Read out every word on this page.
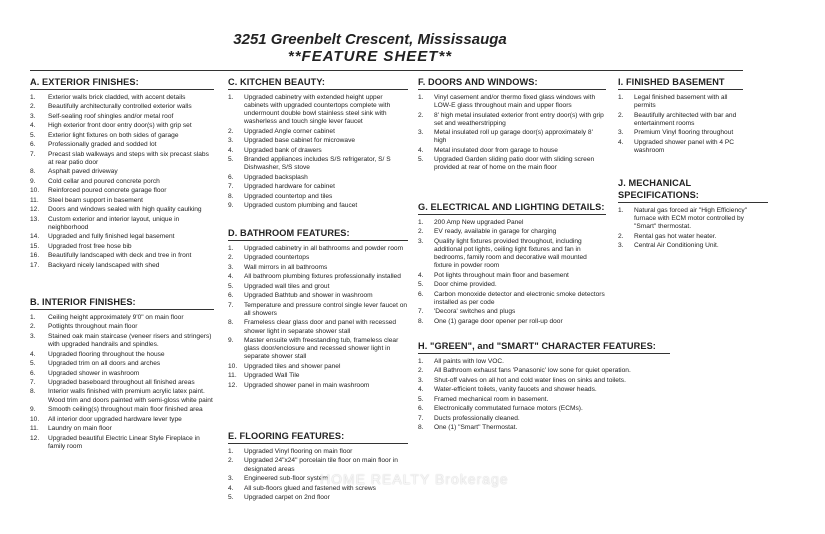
3251 Greenbelt Crescent, Mississauga
**FEATURE SHEET**
A. EXTERIOR FINISHES:
1.	Exterior walls brick cladded, with accent details
2.	Beautifully architecturally controlled exterior walls
3.	Self-sealing roof shingles and/or metal roof
4.	High exterior front door entry door(s) with grip set
5.	Exterior light fixtures on both sides of garage
6.	Professionally graded and sodded lot
7.	Precast slab walkways and steps with six precast slabs at rear patio door
8.	Asphalt paved driveway
9.	Cold cellar and poured concrete porch
10.	Reinforced poured concrete garage floor
11.	Steel beam support in basement
12.	Doors and windows sealed with high quality caulking
13.	Custom exterior and interior layout, unique in neighborhood
14.	Upgraded and fully finished legal basement
15.	Upgraded frost free hose bib
16.	Beautifully landscaped with deck and tree in front
17.	Backyard nicely landscaped with shed
B. INTERIOR FINISHES:
1.	Ceiling height approximately 9'0" on main floor
2.	Potlights throughout main floor
3.	Stained oak main staircase (veneer risers and stringers) with upgraded handrails and spindles.
4.	Upgraded flooring throughout the house
5.	Upgraded trim on all doors and arches
6.	Upgraded shower in washroom
7.	Upgraded baseboard throughout all finished areas
8.	Interior walls finished with premium acrylic latex paint. Wood trim and doors painted with semi-gloss white paint
9.	Smooth ceiling(s) throughout main floor finished area
10.	All interior door upgraded hardware lever type
11.	Laundry on main floor
12.	Upgraded beautiful Electric Linear Style Fireplace in family room
C. KITCHEN BEAUTY:
1.	Upgraded cabinetry with extended height upper cabinets with upgraded countertops complete with undermount double bowl stainless steel sink with washerless and touch single lever faucet
2.	Upgraded Angle corner cabinet
3.	Upgraded base cabinet for microwave
4.	Upgraded bank of drawers
5.	Branded appliances includes S/S refrigerator, S/ S Dishwasher, S/S stove
6.	Upgraded backsplash
7.	Upgraded hardware for cabinet
8.	Upgraded countertop and tiles
9.	Upgraded custom plumbing and faucet
D. BATHROOM FEATURES:
1.	Upgraded cabinetry in all bathrooms and powder room
2.	Upgraded countertops
3.	Wall mirrors in all bathrooms
4.	All bathroom plumbing fixtures professionally installed
5.	Upgraded wall tiles and grout
6.	Upgraded Bathtub and shower in washroom
7.	Temperature and pressure control single lever faucet on all showers
8.	Frameless clear glass door and panel with recessed shower light in separate shower stall
9.	Master ensuite with freestanding tub, frameless clear glass door/enclosure and recessed shower light in separate shower stall
10.	Upgraded tiles and shower panel
11.	Upgraded Wall Tile
12.	Upgraded shower panel in main washroom
E. FLOORING FEATURES:
1.	Upgraded Vinyl flooring on main floor
2.	Upgraded 24"x24" porcelain tile floor on main floor in designated areas
3.	Engineered sub-floor system
4.	All sub-floors glued and fastened with screws
5.	Upgraded carpet on 2nd floor
F. DOORS AND WINDOWS:
1.	Vinyl casement and/or thermo fixed glass windows with LOW-E glass throughout main and upper floors
2.	8' high metal insulated exterior front entry door(s) with grip set and weatherstripping
3.	Metal insulated roll up garage door(s) approximately 8' high
4.	Metal insulated door from garage to house
5.	Upgraded Garden sliding patio door with sliding screen provided at rear of home on the main floor
G. ELECTRICAL AND LIGHTING DETAILS:
1.	200 Amp New upgraded Panel
2.	EV ready, available in garage for charging
3.	Quality light fixtures provided throughout, including additional pot lights, ceiling light fixtures and fan in bedrooms, family room and decorative wall mounted fixture in powder room
4.	Pot lights throughout main floor and basement
5.	Door chime provided.
6.	Carbon monoxide detector and electronic smoke detectors installed as per code
7.	'Decora' switches and plugs
8.	One (1) garage door opener per roll-up door
H. "GREEN", and "SMART" CHARACTER FEATURES:
1.	All paints with low VOC.
2.	All Bathroom exhaust fans 'Panasonic' low sone for quiet operation.
3.	Shut-off valves on all hot and cold water lines on sinks and toilets.
4.	Water-efficient toilets, vanity faucets and shower heads.
5.	Framed mechanical room in basement.
6.	Electronically commutated furnace motors (ECMs).
7.	Ducts professionally cleaned.
8.	One (1) "Smart" Thermostat.
I. FINISHED BASEMENT
1.	Legal finished basement with all permits
2.	Beautifully architected with bar and entertainment rooms
3.	Premium Vinyl flooring throughout
4.	Upgraded shower panel with 4 PC washroom
J. MECHANICAL SPECIFICATIONS:
1.	Natural gas forced air "High Efficiency" furnace with ECM motor controlled by "Smart" thermostat.
2.	Rental gas hot water heater.
3.	Central Air Conditioning Unit.
HOME REALTY Brokerage
